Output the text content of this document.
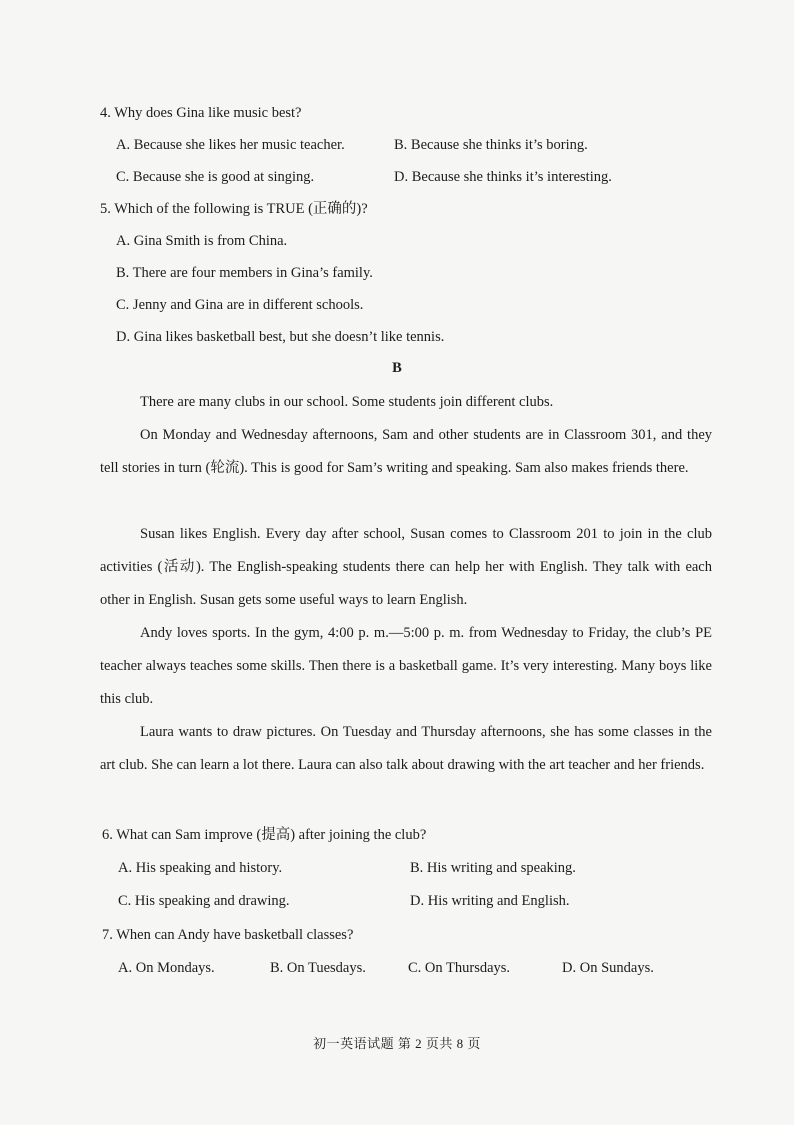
4. Why does Gina like music best?
A. Because she likes her music teacher.	B. Because she thinks it’s boring.
C. Because she is good at singing.	D. Because she thinks it’s interesting.
5. Which of the following is TRUE (正确的)?
A. Gina Smith is from China.
B. There are four members in Gina’s family.
C. Jenny and Gina are in different schools.
D. Gina likes basketball best, but she doesn’t like tennis.
B
There are many clubs in our school. Some students join different clubs.
On Monday and Wednesday afternoons, Sam and other students are in Classroom 301, and they tell stories in turn (轮流). This is good for Sam’s writing and speaking. Sam also makes friends there.
Susan likes English. Every day after school, Susan comes to Classroom 201 to join in the club activities (活动). The English-speaking students there can help her with English. They talk with each other in English. Susan gets some useful ways to learn English.
Andy loves sports. In the gym, 4:00 p. m.—5:00 p. m. from Wednesday to Friday, the club’s PE teacher always teaches some skills. Then there is a basketball game. It’s very interesting. Many boys like this club.
Laura wants to draw pictures. On Tuesday and Thursday afternoons, she has some classes in the art club. She can learn a lot there. Laura can also talk about drawing with the art teacher and her friends.
6. What can Sam improve (提高) after joining the club?
A. His speaking and history.	B. His writing and speaking.
C. His speaking and drawing.	D. His writing and English.
7. When can Andy have basketball classes?
A. On Mondays.	B. On Tuesdays.	C. On Thursdays.	D. On Sundays.
初一英语试题 第 2 页共 8 页
